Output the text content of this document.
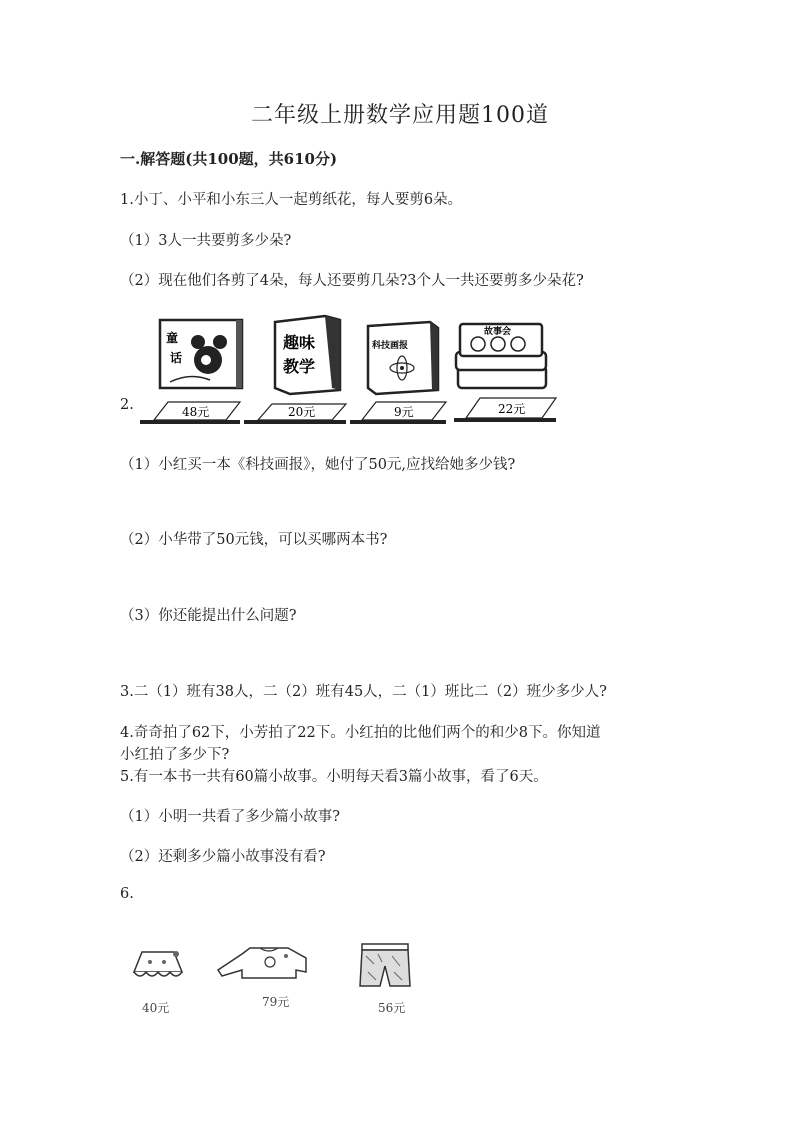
二年级上册数学应用题100道
一.解答题(共100题，共610分)
1.小丁、小平和小东三人一起剪纸花，每人要剪6朵。
（1）3人一共要剪多少朵?
（2）现在他们各剪了4朵，每人还要剪几朵?3个人一共还要剪多少朵花?
童
话
趣味
教学
科技画报
故事会
48元	20元	9元	22元
2.
（1）小红买一本《科技画报》，她付了50元,应找给她多少钱?
（2）小华带了50元钱，可以买哪两本书?
（3）你还能提出什么问题?
3.二（1）班有38人，二（2）班有45人，二（1）班比二（2）班少多少人?
4.奇奇拍了62下，小芳拍了22下。小红拍的比他们两个的和少8下。你知道
小红拍了多少下?
5.有一本书一共有60篇小故事。小明每天看3篇小故事，看了6天。
（1）小明一共看了多少篇小故事?
（2）还剩多少篇小故事没有看?
6.
40元	79元	56元
